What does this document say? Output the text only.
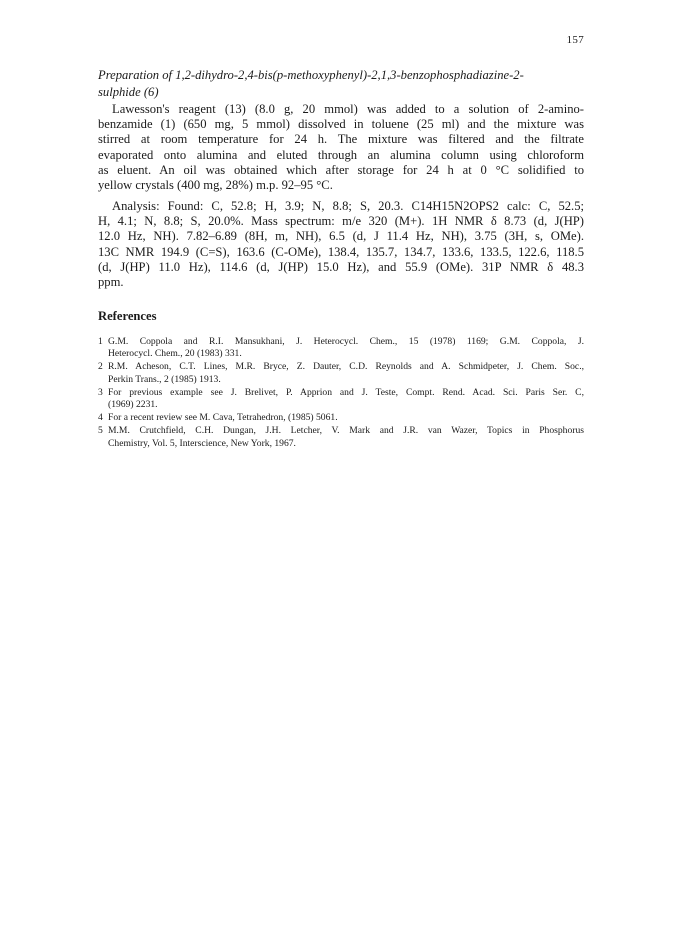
157
Preparation of 1,2-dihydro-2,4-bis(p-methoxyphenyl)-2,1,3-benzophosphadiazine-2-
sulphide (6)
Lawesson's reagent (13) (8.0 g, 20 mmol) was added to a solution of 2-amino-
benzamide (1) (650 mg, 5 mmol) dissolved in toluene (25 ml) and the mixture was
stirred at room temperature for 24 h. The mixture was filtered and the filtrate
evaporated onto alumina and eluted through an alumina column using chloroform
as eluent. An oil was obtained which after storage for 24 h at 0 °C solidified to
yellow crystals (400 mg, 28%) m.p. 92–95 °C.
Analysis: Found: C, 52.8; H, 3.9; N, 8.8; S, 20.3. C14H15N2OPS2 calc: C, 52.5;
H, 4.1; N, 8.8; S, 20.0%. Mass spectrum: m/e 320 (M+). 1H NMR δ 8.73 (d, J(HP)
12.0 Hz, NH). 7.82–6.89 (8H, m, NH), 6.5 (d, J 11.4 Hz, NH), 3.75 (3H, s, OMe).
13C NMR 194.9 (C=S), 163.6 (C-OMe), 138.4, 135.7, 134.7, 133.6, 133.5, 122.6, 118.5
(d, J(HP) 11.0 Hz), 114.6 (d, J(HP) 15.0 Hz), and 55.9 (OMe). 31P NMR δ 48.3
ppm.
References
1 G.M. Coppola and R.I. Mansukhani, J. Heterocycl. Chem., 15 (1978) 1169; G.M. Coppola, J.
Heterocycl. Chem., 20 (1983) 331.
2 R.M. Acheson, C.T. Lines, M.R. Bryce, Z. Dauter, C.D. Reynolds and A. Schmidpeter, J. Chem. Soc.,
Perkin Trans., 2 (1985) 1913.
3 For previous example see J. Brelivet, P. Apprion and J. Teste, Compt. Rend. Acad. Sci. Paris Ser. C,
(1969) 2231.
4 For a recent review see M. Cava, Tetrahedron, (1985) 5061.
5 M.M. Crutchfield, C.H. Dungan, J.H. Letcher, V. Mark and J.R. van Wazer, Topics in Phosphorus
Chemistry, Vol. 5, Interscience, New York, 1967.
